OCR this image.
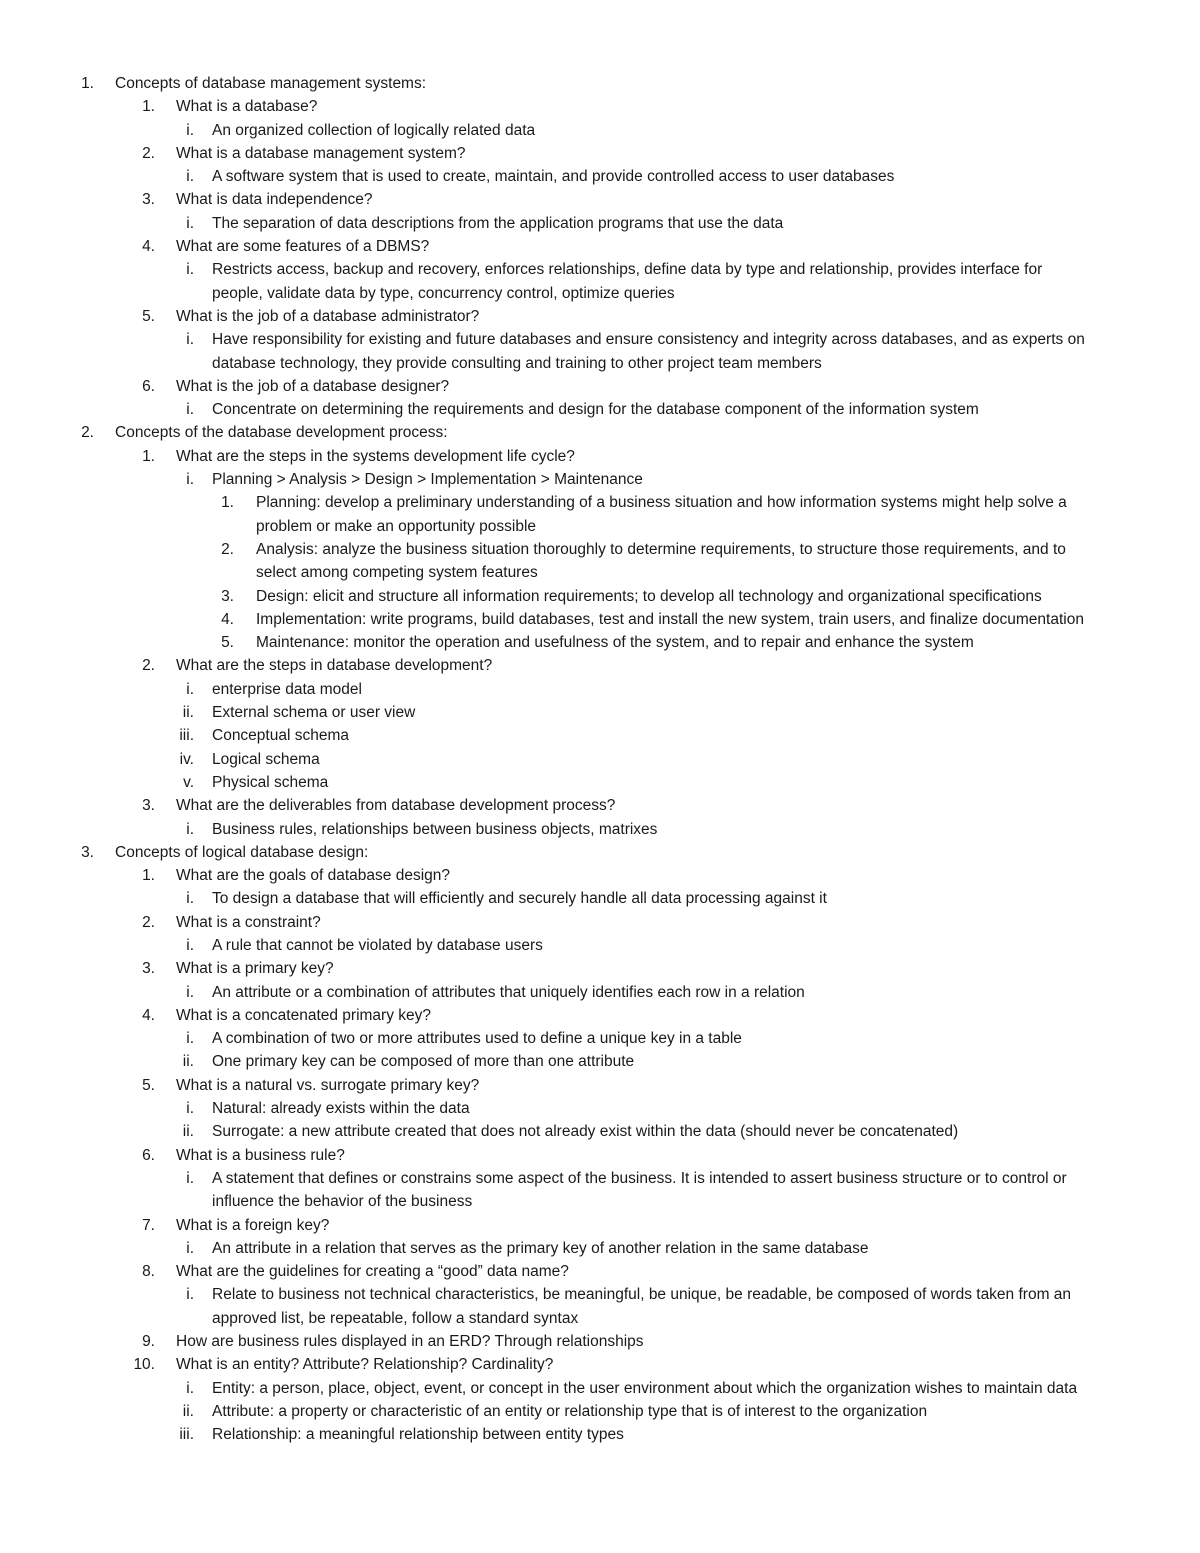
1. Concepts of database management systems:
1. What is a database?
i. An organized collection of logically related data
2. What is a database management system?
i. A software system that is used to create, maintain, and provide controlled access to user databases
3. What is data independence?
i. The separation of data descriptions from the application programs that use the data
4. What are some features of a DBMS?
i. Restricts access, backup and recovery, enforces relationships, define data by type and relationship, provides interface for
people, validate data by type, concurrency control, optimize queries
5. What is the job of a database administrator?
i. Have responsibility for existing and future databases and ensure consistency and integrity across databases, and as experts on
database technology, they provide consulting and training to other project team members
6. What is the job of a database designer?
i. Concentrate on determining the requirements and design for the database component of the information system
2. Concepts of the database development process:
1. What are the steps in the systems development life cycle?
i. Planning > Analysis > Design > Implementation > Maintenance
1. Planning: develop a preliminary understanding of a business situation and how information systems might help solve a
problem or make an opportunity possible
2. Analysis: analyze the business situation thoroughly to determine requirements, to structure those requirements, and to
select among competing system features
3. Design: elicit and structure all information requirements; to develop all technology and organizational specifications
4. Implementation: write programs, build databases, test and install the new system, train users, and finalize documentation
5. Maintenance: monitor the operation and usefulness of the system, and to repair and enhance the system
2. What are the steps in database development?
i. enterprise data model
ii. External schema or user view
iii. Conceptual schema
iv. Logical schema
v. Physical schema
3. What are the deliverables from database development process?
i. Business rules, relationships between business objects, matrixes
3. Concepts of logical database design:
1. What are the goals of database design?
i. To design a database that will efficiently and securely handle all data processing against it
2. What is a constraint?
i. A rule that cannot be violated by database users
3. What is a primary key?
i. An attribute or a combination of attributes that uniquely identifies each row in a relation
4. What is a concatenated primary key?
i. A combination of two or more attributes used to define a unique key in a table
ii. One primary key can be composed of more than one attribute
5. What is a natural vs. surrogate primary key?
i. Natural: already exists within the data
ii. Surrogate: a new attribute created that does not already exist within the data (should never be concatenated)
6. What is a business rule?
i. A statement that defines or constrains some aspect of the business. It is intended to assert business structure or to control or
influence the behavior of the business
7. What is a foreign key?
i. An attribute in a relation that serves as the primary key of another relation in the same database
8. What are the guidelines for creating a “good” data name?
i. Relate to business not technical characteristics, be meaningful, be unique, be readable, be composed of words taken from an
approved list, be repeatable, follow a standard syntax
9. How are business rules displayed in an ERD? Through relationships
10. What is an entity? Attribute? Relationship? Cardinality?
i. Entity: a person, place, object, event, or concept in the user environment about which the organization wishes to maintain data
ii. Attribute: a property or characteristic of an entity or relationship type that is of interest to the organization
iii. Relationship: a meaningful relationship between entity types
